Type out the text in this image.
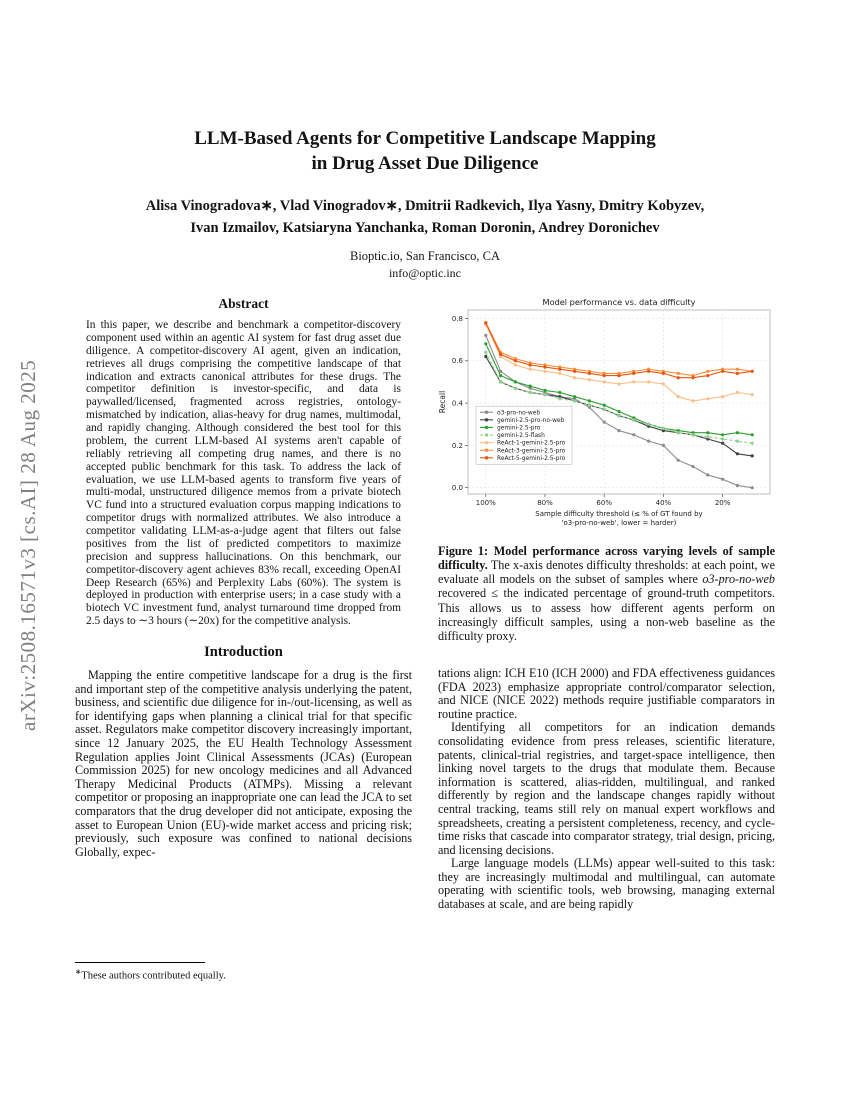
arXiv:2508.16571v3 [cs.AI] 28 Aug 2025
LLM-Based Agents for Competitive Landscape Mapping
in Drug Asset Due Diligence
Alisa Vinogradova∗, Vlad Vinogradov∗, Dmitrii Radkevich, Ilya Yasny, Dmitry Kobyzev,
Ivan Izmailov, Katsiaryna Yanchanka, Roman Doronin, Andrey Doronichev
Bioptic.io, San Francisco, CA
info@optic.inc
Abstract

In this paper, we describe and benchmark a competitor-discovery component used within an agentic AI system for fast drug asset due diligence. A competitor-discovery AI agent, given an indication, retrieves all drugs comprising the competitive landscape of that indication and extracts canonical attributes for these drugs. The competitor definition is investor-specific, and data is paywalled/licensed, fragmented across registries, ontology-mismatched by indication, alias-heavy for drug names, multimodal, and rapidly changing. Although considered the best tool for this problem, the current LLM-based AI systems aren't capable of reliably retrieving all competing drug names, and there is no accepted public benchmark for this task. To address the lack of evaluation, we use LLM-based agents to transform five years of multi-modal, unstructured diligence memos from a private biotech VC fund into a structured evaluation corpus mapping indications to competitor drugs with normalized attributes. We also introduce a competitor validating LLM-as-a-judge agent that filters out false positives from the list of predicted competitors to maximize precision and suppress hallucinations. On this benchmark, our competitor-discovery agent achieves 83% recall, exceeding OpenAI Deep Research (65%) and Perplexity Labs (60%). The system is deployed in production with enterprise users; in a case study with a biotech VC investment fund, analyst turnaround time dropped from 2.5 days to ∼3 hours (∼20x) for the competitive analysis.

Introduction

Mapping the entire competitive landscape for a drug is the first and important step of the competitive analysis underlying the patent, business, and scientific due diligence for in-/out-licensing, as well as for identifying gaps when planning a clinical trial for that specific asset. Regulators make competitor discovery increasingly important, since 12 January 2025, the EU Health Technology Assessment Regulation applies Joint Clinical Assessments (JCAs) (European Commission 2025) for new oncology medicines and all Advanced Therapy Medicinal Products (ATMPs). Missing a relevant competitor or proposing an inappropriate one can lead the JCA to set comparators that the drug developer did not anticipate, exposing the asset to European Union (EU)-wide market access and pricing risk; previously, such exposure was confined to national decisions Globally, expec-

100%	80%	60%	40%	20%
0.0
0.2
0.4
0.6
0.8
Model performance vs. data difficulty
Recall
Sample difficulty threshold (≤ % of GT found by
'o3-pro-no-web', lower = harder)
o3-pro-no-web
gemini-2.5-pro-no-web
gemini-2.5-pro
gemini-2.5-flash
ReAct-1-gemini-2.5-pro
ReAct-3-gemini-2.5-pro
ReAct-5-gemini-2.5-pro
Figure 1: Model performance across varying levels of sample difficulty. The x-axis denotes difficulty thresholds: at each point, we evaluate all models on the subset of samples where o3-pro-no-web recovered ≤ the indicated percentage of ground-truth competitors. This allows us to assess how different agents perform on increasingly difficult samples, using a non-web baseline as the difficulty proxy.

tations align: ICH E10 (ICH 2000) and FDA effectiveness guidances (FDA 2023) emphasize appropriate control/comparator selection, and NICE (NICE 2022) methods require justifiable comparators in routine practice.

Identifying all competitors for an indication demands consolidating evidence from press releases, scientific literature, patents, clinical-trial registries, and target-space intelligence, then linking novel targets to the drugs that modulate them. Because information is scattered, alias-ridden, multilingual, and ranked differently by region and the landscape changes rapidly without central tracking, teams still rely on manual expert workflows and spreadsheets, creating a persistent completeness, recency, and cycle-time risks that cascade into comparator strategy, trial design, pricing, and licensing decisions.

Large language models (LLMs) appear well-suited to this task: they are increasingly multimodal and multilingual, can automate operating with scientific tools, web browsing, managing external databases at scale, and are being rapidly

∗These authors contributed equally.
